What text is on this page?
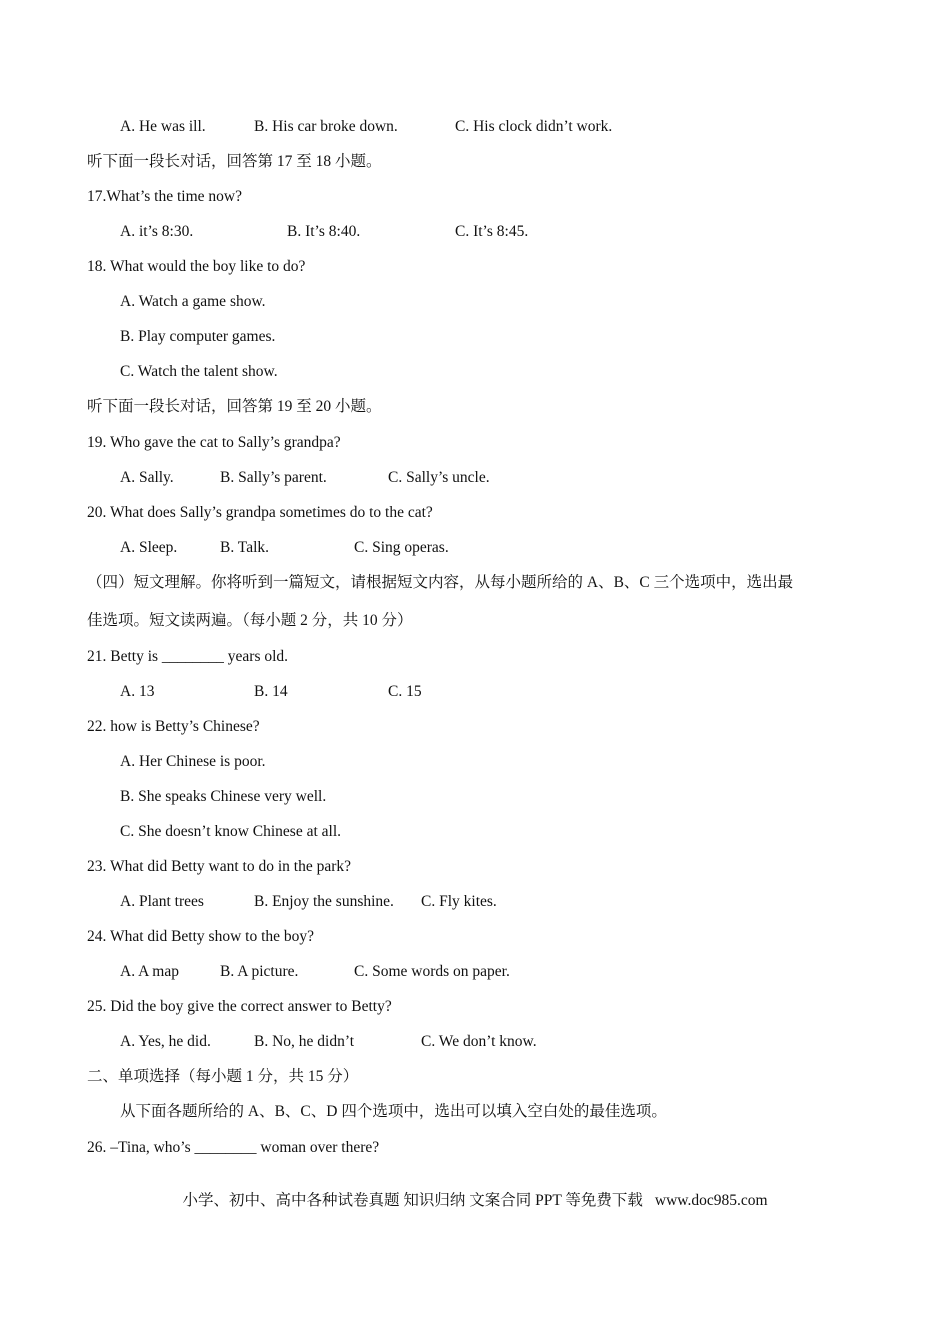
A. He was ill.	B. His car broke down.	C. His clock didn’t work.
听下面一段长对话，回答第 17 至 18 小题。
17.What’s the time now?
A. it’s 8:30.	B. It’s 8:40.	C. It’s 8:45.
18. What would the boy like to do?
A. Watch a game show.
B. Play computer games.
C. Watch the talent show.
听下面一段长对话，回答第 19 至 20 小题。
19. Who gave the cat to Sally’s grandpa?
A. Sally.	B. Sally’s parent.	C. Sally’s uncle.
20. What does Sally’s grandpa sometimes do to the cat?
A. Sleep.	B. Talk.	C. Sing operas.
（四）短文理解。你将听到一篇短文，请根据短文内容，从每小题所给的 A、B、C 三个选项中，选出最
佳选项。短文读两遍。（每小题 2 分，共 10 分）
21. Betty is ________ years old.
A. 13	B. 14	C. 15
22. how is Betty’s Chinese?
A. Her Chinese is poor.
B. She speaks Chinese very well.
C. She doesn’t know Chinese at all.
23. What did Betty want to do in the park?
A. Plant trees	B. Enjoy the sunshine. C. Fly kites.
24. What did Betty show to the boy?
A. A map	B. A picture.	C. Some words on paper.
25. Did the boy give the correct answer to Betty?
A. Yes, he did.	B. No, he didn’t	C. We don’t know.
二、单项选择（每小题 1 分，共 15 分）
从下面各题所给的 A、B、C、D 四个选项中，选出可以填入空白处的最佳选项。
26. –Tina, who’s ________ woman over there?
小学、初中、高中各种试卷真题 知识归纳 文案合同 PPT 等免费下载 www.doc985.com
